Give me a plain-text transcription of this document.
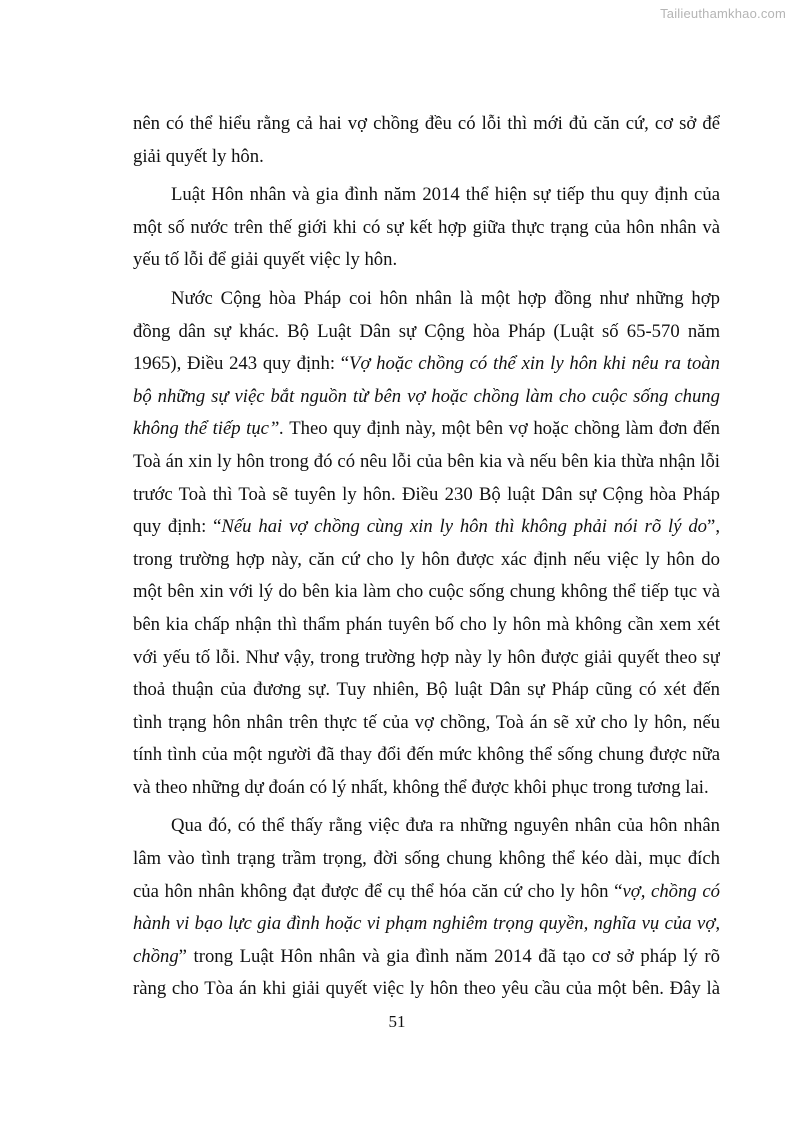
Tailieuthamkhao.com
nên có thể hiểu rằng cả hai vợ chồng đều có lỗi thì mới đủ căn cứ, cơ sở để
giải quyết ly hôn.
Luật Hôn nhân và gia đình năm 2014 thể hiện sự tiếp thu quy định của
một số nước trên thế giới khi có sự kết hợp giữa thực trạng của hôn nhân và
yếu tố lỗi để giải quyết việc ly hôn.
Nước Cộng hòa Pháp coi hôn nhân là một hợp đồng như những hợp
đồng dân sự khác. Bộ Luật Dân sự Cộng hòa Pháp (Luật số 65-570 năm
1965), Điều 243 quy định: “Vợ hoặc chồng có thể xin ly hôn khi nêu ra toàn
bộ những sự việc bắt nguồn từ bên vợ hoặc chồng làm cho cuộc sống chung
không thể tiếp tục”. Theo quy định này, một bên vợ hoặc chồng làm đơn đến
Toà án xin ly hôn trong đó có nêu lỗi của bên kia và nếu bên kia thừa nhận lỗi
trước Toà thì Toà sẽ tuyên ly hôn. Điều 230 Bộ luật Dân sự Cộng hòa Pháp
quy định: “Nếu hai vợ chồng cùng xin ly hôn thì không phải nói rõ lý do”,
trong trường hợp này, căn cứ cho ly hôn được xác định nếu việc ly hôn do
một bên xin với lý do bên kia làm cho cuộc sống chung không thể tiếp tục và
bên kia chấp nhận thì thẩm phán tuyên bố cho ly hôn mà không cần xem xét
với yếu tố lỗi. Như vậy, trong trường hợp này ly hôn được giải quyết theo sự
thoả thuận của đương sự. Tuy nhiên, Bộ luật Dân sự Pháp cũng có xét đến
tình trạng hôn nhân trên thực tế của vợ chồng, Toà án sẽ xử cho ly hôn, nếu
tính tình của một người đã thay đổi đến mức không thể sống chung được nữa
và theo những dự đoán có lý nhất, không thể được khôi phục trong tương lai.
Qua đó, có thể thấy rằng việc đưa ra những nguyên nhân của hôn nhân
lâm vào tình trạng trầm trọng, đời sống chung không thể kéo dài, mục đích
của hôn nhân không đạt được để cụ thể hóa căn cứ cho ly hôn “vợ, chồng có
hành vi bạo lực gia đình hoặc vi phạm nghiêm trọng quyền, nghĩa vụ của vợ,
chồng” trong Luật Hôn nhân và gia đình năm 2014 đã tạo cơ sở pháp lý rõ
ràng cho Tòa án khi giải quyết việc ly hôn theo yêu cầu của một bên. Đây là
51
